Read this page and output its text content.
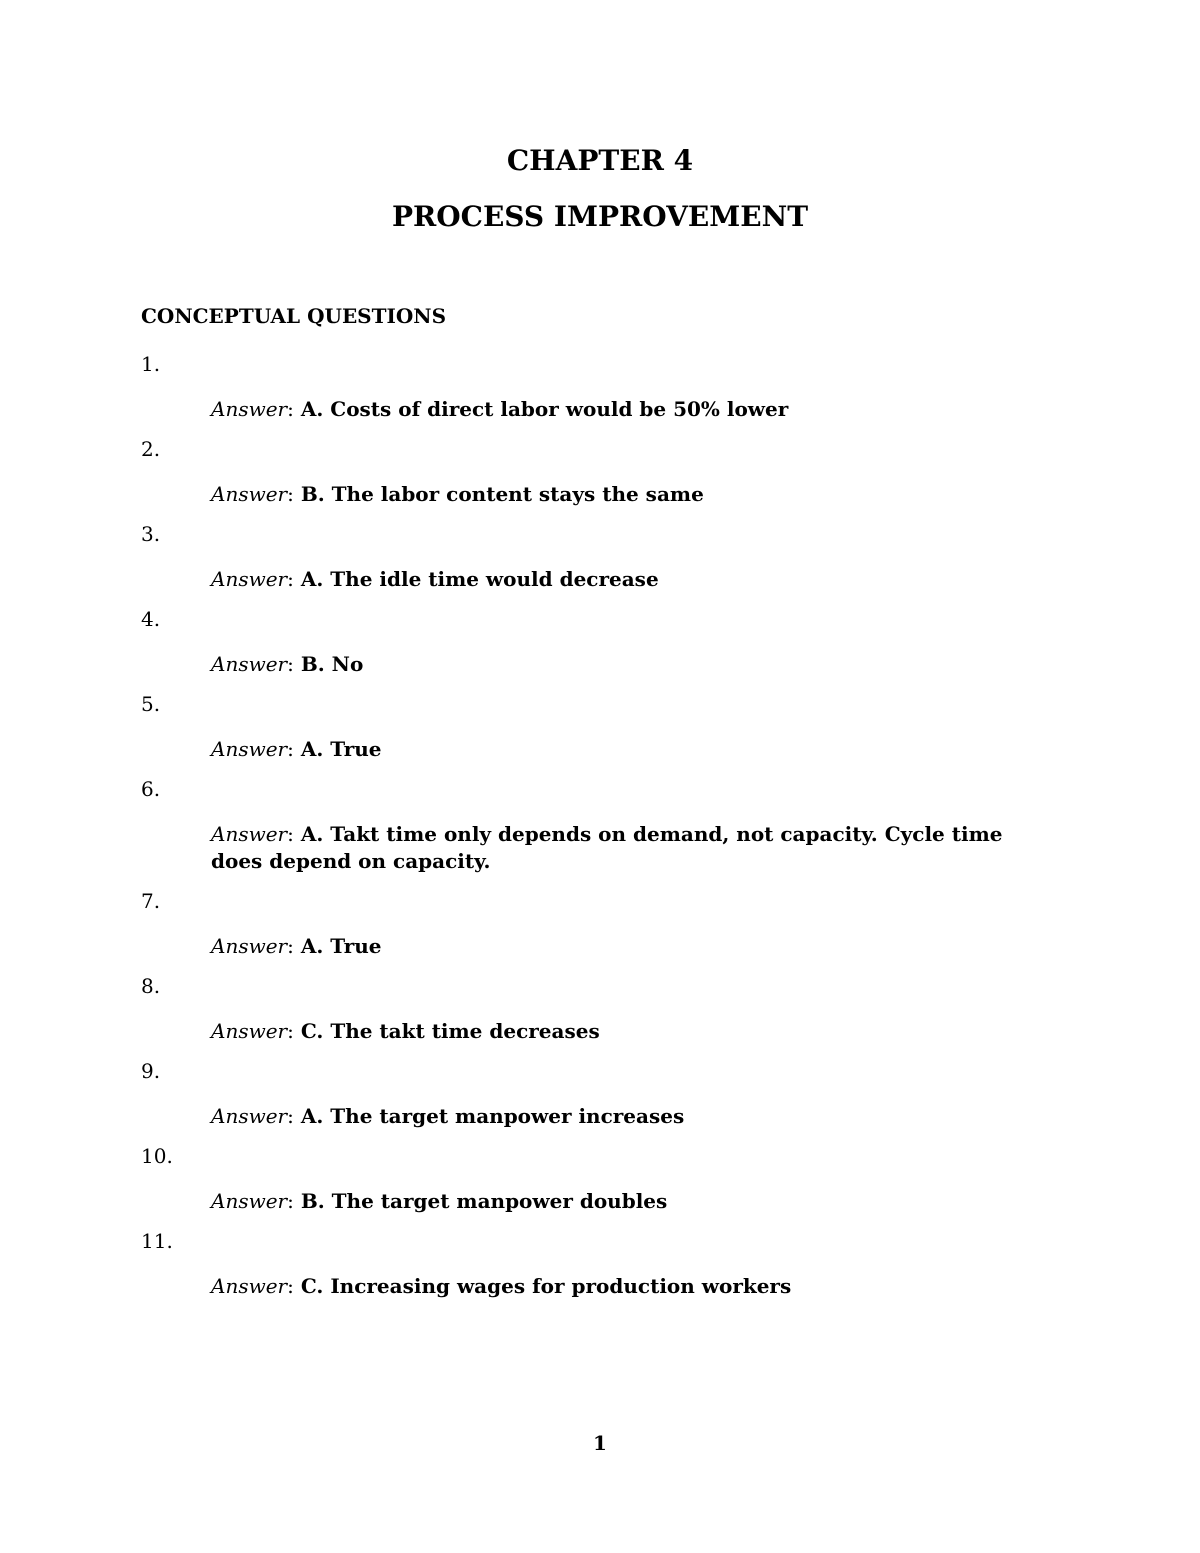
CHAPTER 4
PROCESS IMPROVEMENT
CONCEPTUAL QUESTIONS
1.
Answer: A. Costs of direct labor would be 50% lower
2.
Answer: B. The labor content stays the same
3.
Answer: A. The idle time would decrease
4.
Answer: B. No
5.
Answer: A. True
6.
Answer: A. Takt time only depends on demand, not capacity. Cycle time does depend on capacity.
7.
Answer: A. True
8.
Answer: C. The takt time decreases
9.
Answer: A. The target manpower increases
10.
Answer: B. The target manpower doubles
11.
Answer: C. Increasing wages for production workers
1
